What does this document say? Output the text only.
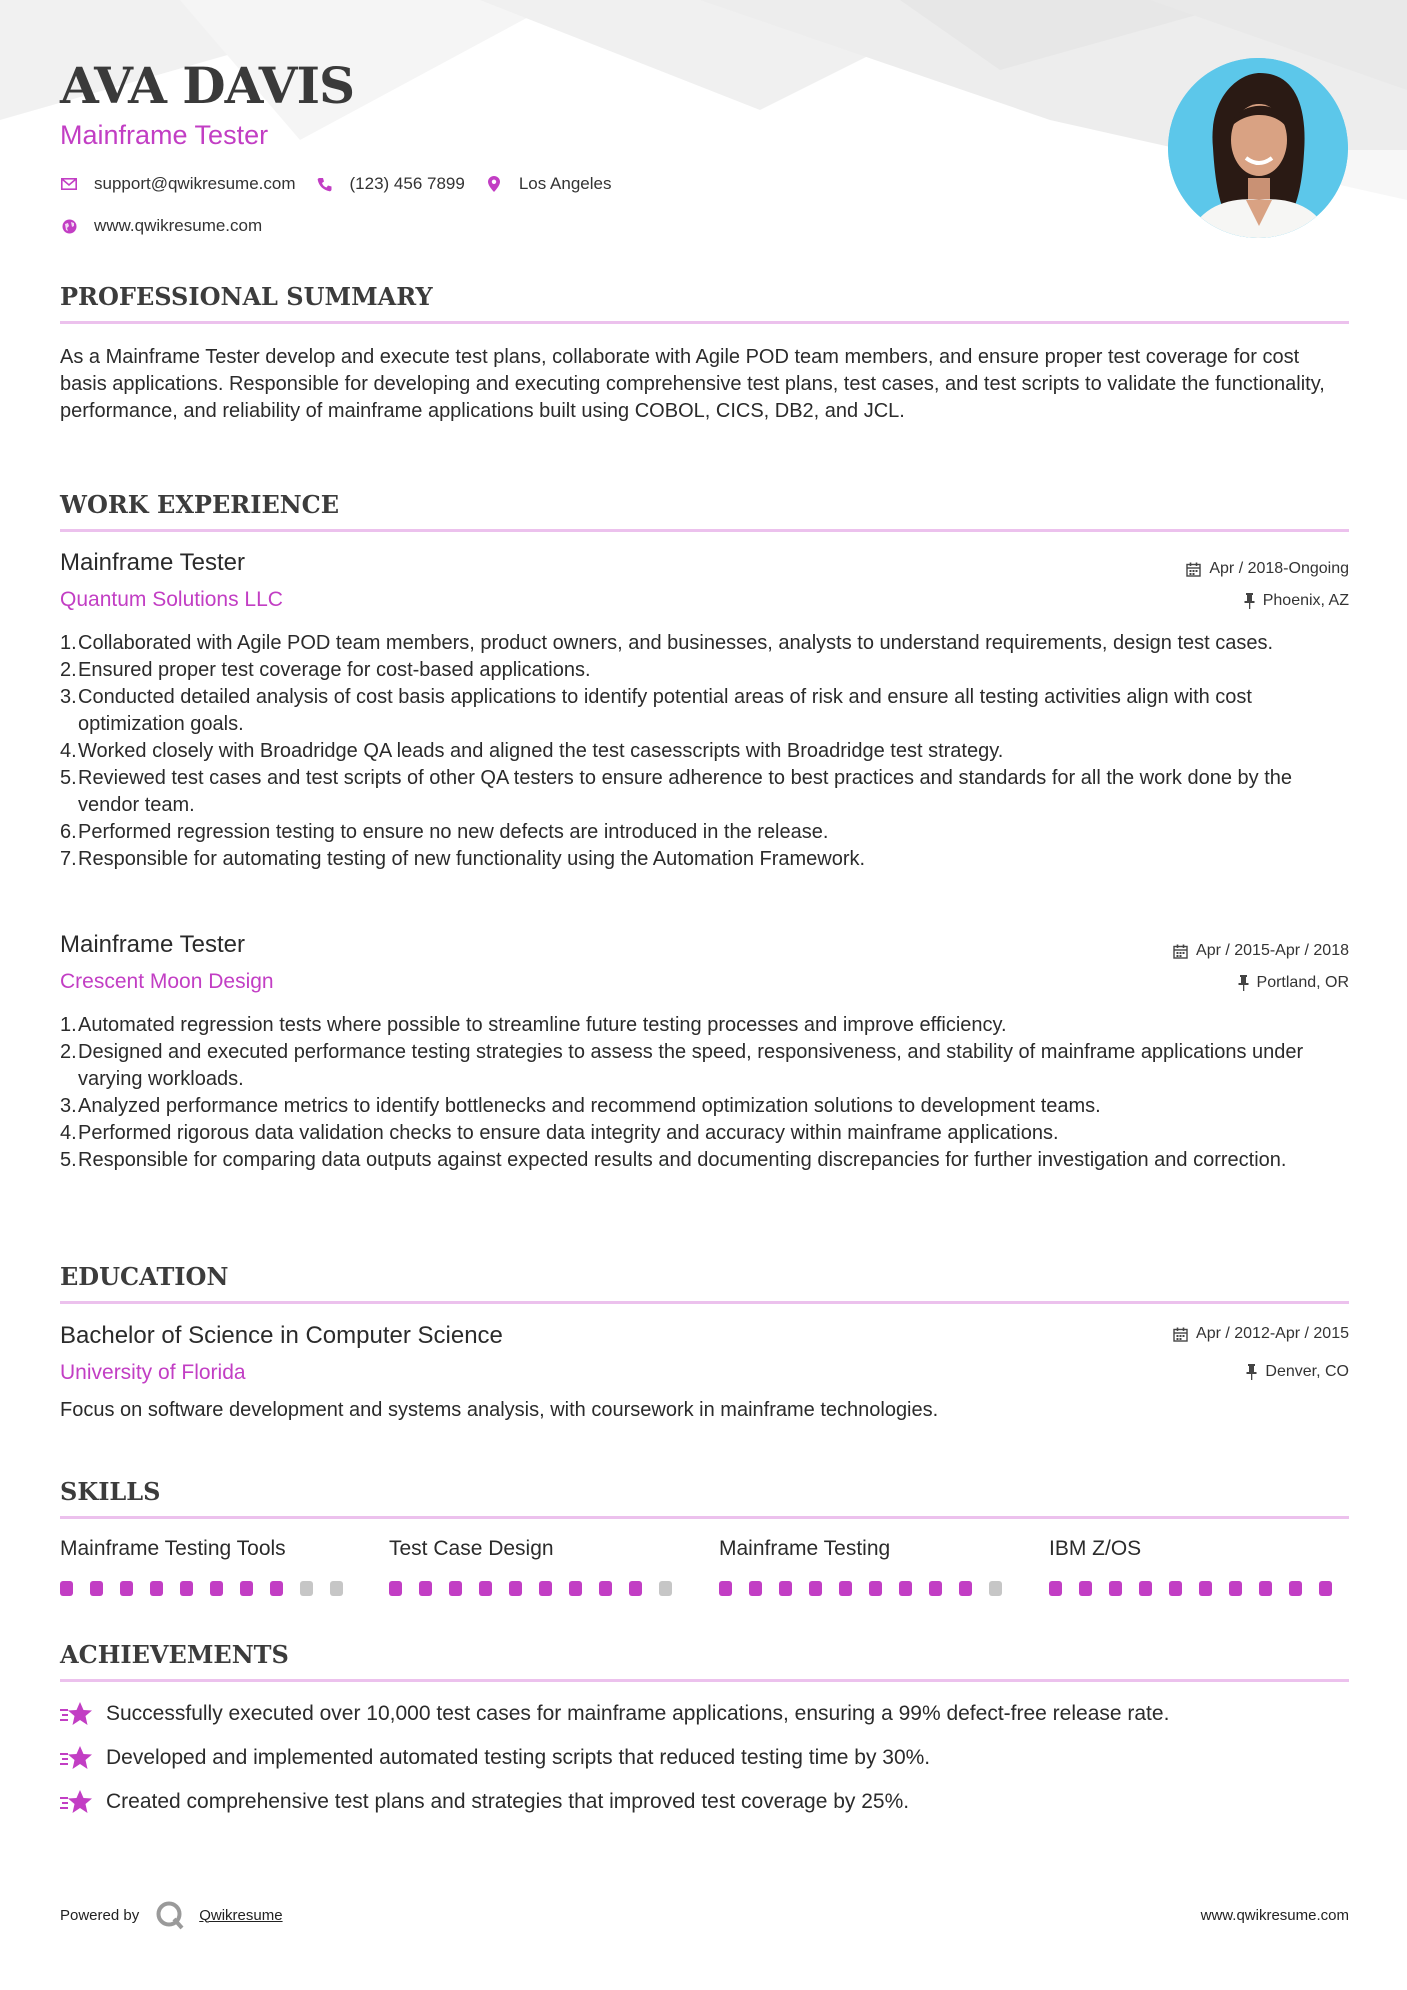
AVA DAVIS
Mainframe Tester
support@qwikresume.com	(123) 456 7899	Los Angeles
www.qwikresume.com
PROFESSIONAL SUMMARY

As a Mainframe Tester develop and execute test plans, collaborate with Agile POD team members, and ensure proper test coverage for cost basis applications. Responsible for developing and executing comprehensive test plans, test cases, and test scripts to validate the functionality, performance, and reliability of mainframe applications built using COBOL, CICS, DB2, and JCL.

WORK EXPERIENCE
Mainframe Tester
Quantum Solutions LLC
Apr / 2018-Ongoing
Phoenix, AZ
1. Collaborated with Agile POD team members, product owners, and businesses, analysts to understand requirements, design test cases.
2. Ensured proper test coverage for cost-based applications.
3. Conducted detailed analysis of cost basis applications to identify potential areas of risk and ensure all testing activities align with cost optimization goals.
4. Worked closely with Broadridge QA leads and aligned the test casesscripts with Broadridge test strategy.
5. Reviewed test cases and test scripts of other QA testers to ensure adherence to best practices and standards for all the work done by the vendor team.
6. Performed regression testing to ensure no new defects are introduced in the release.
7. Responsible for automating testing of new functionality using the Automation Framework.
Mainframe Tester
Crescent Moon Design
Apr / 2015-Apr / 2018
Portland, OR
1. Automated regression tests where possible to streamline future testing processes and improve efficiency.
2. Designed and executed performance testing strategies to assess the speed, responsiveness, and stability of mainframe applications under varying workloads.
3. Analyzed performance metrics to identify bottlenecks and recommend optimization solutions to development teams.
4. Performed rigorous data validation checks to ensure data integrity and accuracy within mainframe applications.
5. Responsible for comparing data outputs against expected results and documenting discrepancies for further investigation and correction.
EDUCATION
Bachelor of Science in Computer Science
University of Florida
Apr / 2012-Apr / 2015
Denver, CO

Focus on software development and systems analysis, with coursework in mainframe technologies.

SKILLS
Mainframe Testing Tools	Test Case Design	Mainframe Testing	IBM Z/OS
ACHIEVEMENTS
Successfully executed over 10,000 test cases for mainframe applications, ensuring a 99% defect-free release rate.
Developed and implemented automated testing scripts that reduced testing time by 30%.
Created comprehensive test plans and strategies that improved test coverage by 25%.
Powered by	Qwikresume	www.qwikresume.com
